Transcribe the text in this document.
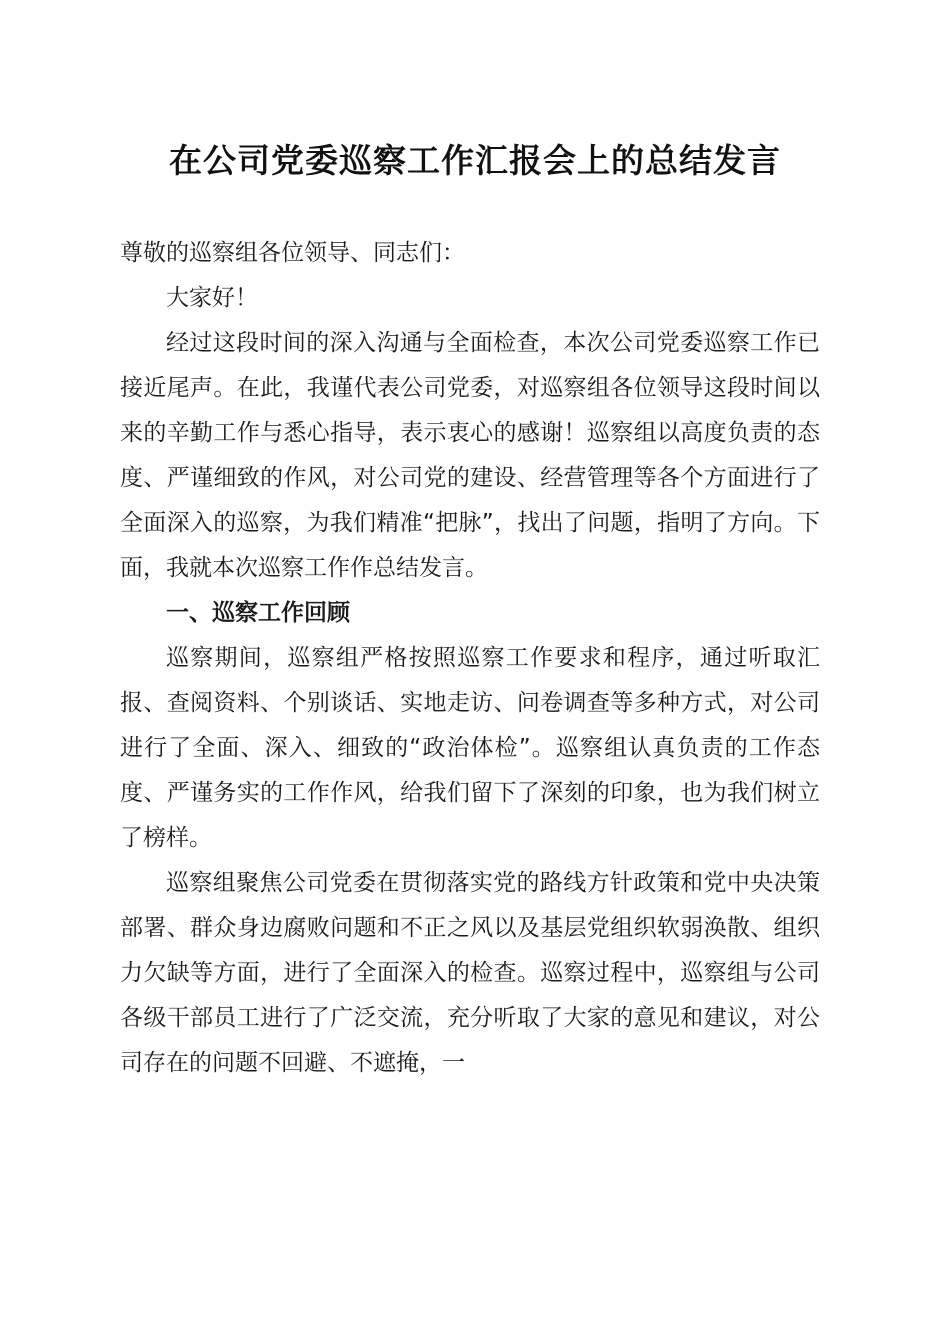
在公司党委巡察工作汇报会上的总结发言

尊敬的巡察组各位领导、同志们：

大家好！

经过这段时间的深入沟通与全面检查，本次公司党委巡察工作已接近尾声。在此，我谨代表公司党委，对巡察组各位领导这段时间以来的辛勤工作与悉心指导，表示衷心的感谢！巡察组以高度负责的态度、严谨细致的作风，对公司党的建设、经营管理等各个方面进行了全面深入的巡察，为我们精准“把脉”，找出了问题，指明了方向。下面，我就本次巡察工作作总结发言。

一、巡察工作回顾

巡察期间，巡察组严格按照巡察工作要求和程序，通过听取汇报、查阅资料、个别谈话、实地走访、问卷调查等多种方式，对公司进行了全面、深入、细致的“政治体检”。巡察组认真负责的工作态度、严谨务实的工作作风，给我们留下了深刻的印象，也为我们树立了榜样。

巡察组聚焦公司党委在贯彻落实党的路线方针政策和党中央决策部署、群众身边腐败问题和不正之风以及基层党组织软弱涣散、组织力欠缺等方面，进行了全面深入的检查。巡察过程中，巡察组与公司各级干部员工进行了广泛交流，充分听取了大家的意见和建议，对公司存在的问题不回避、不遮掩，一
